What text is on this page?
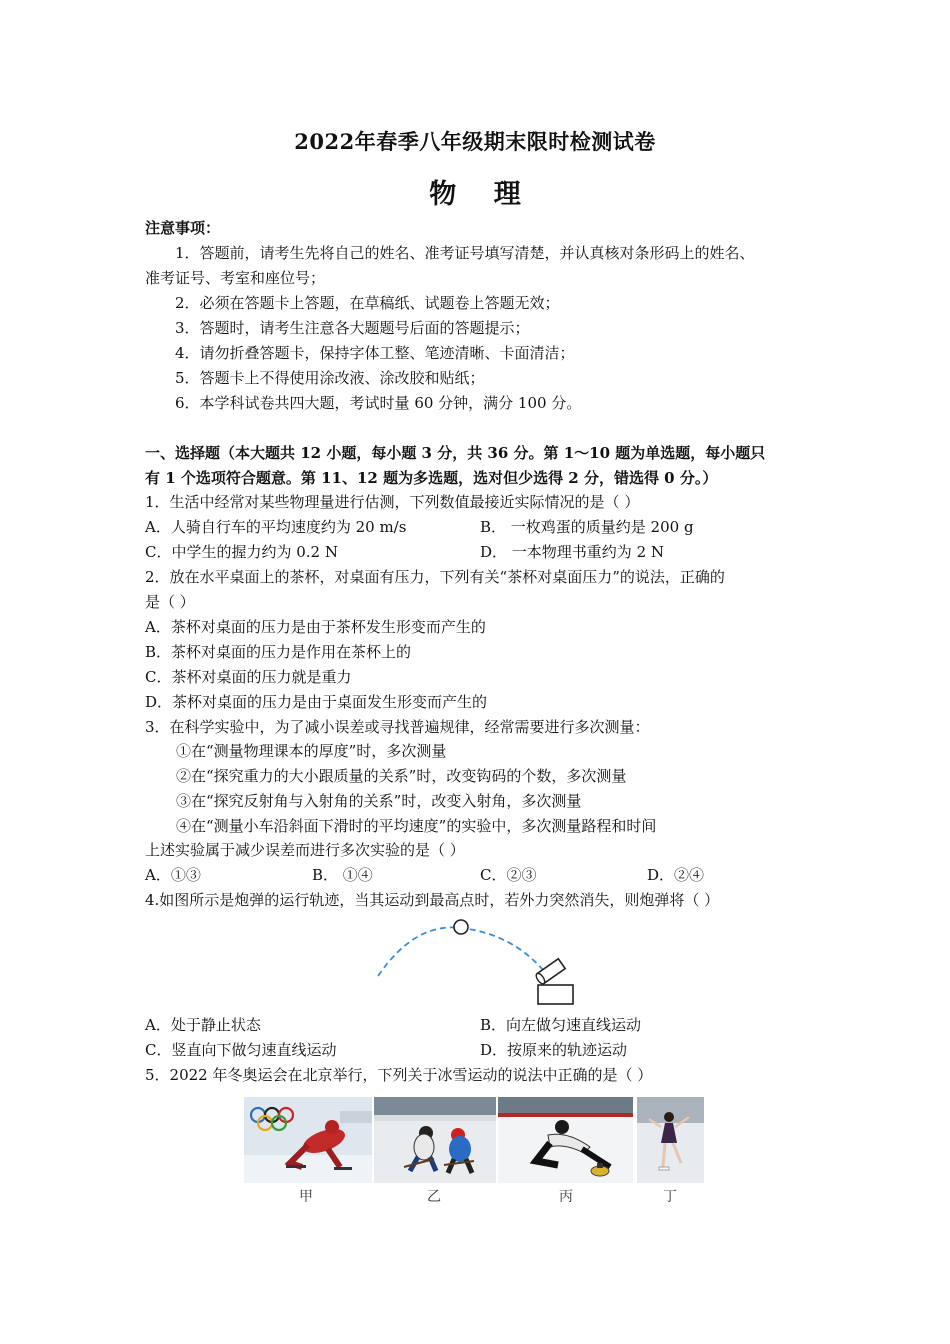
2022年春季八年级期末限时检测试卷
物 理
注意事项：
1．答题前，请考生先将自己的姓名、准考证号填写清楚，并认真核对条形码上的姓名、
准考证号、考室和座位号；
2．必须在答题卡上答题，在草稿纸、试题卷上答题无效；
3．答题时，请考生注意各大题题号后面的答题提示；
4．请勿折叠答题卡，保持字体工整、笔迹清晰、卡面清洁；
5．答题卡上不得使用涂改液、涂改胶和贴纸；
6．本学科试卷共四大题，考试时量 60 分钟，满分 100 分。
一、选择题（本大题共 12 小题，每小题 3 分，共 36 分。第 1～10 题为单选题，每小题只
有 1 个选项符合题意。第 11、12 题为多选题，选对但少选得 2 分，错选得 0 分。）
1．生活中经常对某些物理量进行估测，下列数值最接近实际情况的是（ ）
A．人骑自行车的平均速度约为 20 m/s	B． 一枚鸡蛋的质量约是 200 g
C．中学生的握力约为 0.2 N	D． 一本物理书重约为 2 N
2．放在水平桌面上的茶杯，对桌面有压力，下列有关“茶杯对桌面压力”的说法，正确的
是（ ）
A．茶杯对桌面的压力是由于茶杯发生形变而产生的
B．茶杯对桌面的压力是作用在茶杯上的
C．茶杯对桌面的压力就是重力
D．茶杯对桌面的压力是由于桌面发生形变而产生的
3．在科学实验中，为了减小误差或寻找普遍规律，经常需要进行多次测量：
①在“测量物理课本的厚度”时，多次测量
②在“探究重力的大小跟质量的关系”时，改变钩码的个数，多次测量
③在“探究反射角与入射角的关系”时，改变入射角，多次测量
④在“测量小车沿斜面下滑时的平均速度”的实验中，多次测量路程和时间
上述实验属于减少误差而进行多次实验的是（ ）
A．①③	B． ①④	C．②③	D．②④
4.如图所示是炮弹的运行轨迹，当其运动到最高点时，若外力突然消失，则炮弹将（ ）
A．处于静止状态	B．向左做匀速直线运动
C．竖直向下做匀速直线运动	D．按原来的轨迹运动
5．2022 年冬奥运会在北京举行，下列关于冰雪运动的说法中正确的是（ ）
甲	乙	丙	丁
